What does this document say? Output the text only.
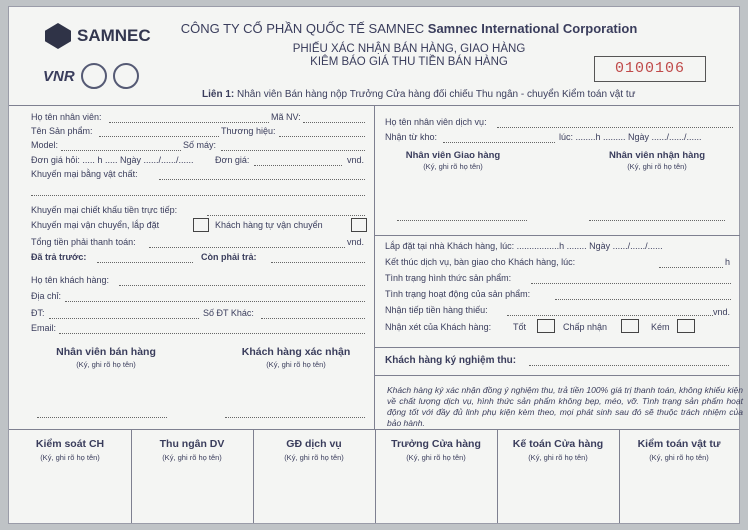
SAMNEC
VNR
CÔNG TY CỔ PHẦN QUỐC TẾ SAMNEC Samnec International Corporation
PHIẾU XÁC NHẬN BÁN HÀNG, GIAO HÀNG
KIÊM BÁO GIÁ THU TIỀN BÁN HÀNG	0100106
Liên 1: Nhân viên Bán hàng nộp Trưởng Cửa hàng đối chiếu Thu ngân - chuyển Kiểm toán vật tư
Họ tên nhân viên:	Mã NV:
Tên Sản phẩm:	Thương hiệu:
Model:	Số máy:
Đơn giá hỏi: ..... h ..... Ngày ....../....../...... Đơn giá:	vnd.
Khuyến mại bằng vật chất:
Khuyến mại chiết khấu tiền trực tiếp:
Khuyến mại vận chuyển, lắp đặt	Khách hàng tự vận chuyển
Tổng tiền phải thanh toán:	vnd.
Đã trả trước:	Còn phải trả:
Họ tên khách hàng:
Địa chỉ:
ĐT:	Số ĐT Khác:
Email:
Nhân viên bán hàng
(Ký, ghi rõ họ tên)
Khách hàng xác nhận
(Ký, ghi rõ họ tên)
Họ tên nhân viên dịch vụ:
Nhận từ kho:	lúc: ........h ......... Ngày ....../....../......
Nhân viên Giao hàng
(Ký, ghi rõ họ tên)
Nhân viên nhận hàng
(Ký, ghi rõ họ tên)
Lắp đặt tại nhà Khách hàng, lúc: .................h ........ Ngày ....../....../......
Kết thúc dịch vụ, bàn giao cho Khách hàng, lúc:	h
Tình trạng hình thức sản phẩm:
Tình trạng hoạt động của sản phẩm:
Nhận tiếp tiền hàng thiếu:	vnd.
Nhận xét của Khách hàng: Tốt	Chấp nhận	Kém
Khách hàng ký nghiệm thu:
Khách hàng ký xác nhận đồng ý nghiệm thu, trả tiền 100% giá trị thanh toán, không khiếu kiện về chất lượng dịch vụ, hình thức sản phẩm không bẹp, méo, vỡ. Tình trạng sản phẩm hoạt động tốt với đầy đủ linh phụ kiện kèm theo, mọi phát sinh sau đó sẽ thuộc trách nhiệm của bảo hành.
Kiểm soát CH
(Ký, ghi rõ họ tên)
Thu ngân DV
(Ký, ghi rõ họ tên)
GĐ dịch vụ
(Ký, ghi rõ họ tên)
Trưởng Cửa hàng
(Ký, ghi rõ họ tên)
Kế toán Cửa hàng
(Ký, ghi rõ họ tên)
Kiểm toán vật tư
(Ký, ghi rõ họ tên)
